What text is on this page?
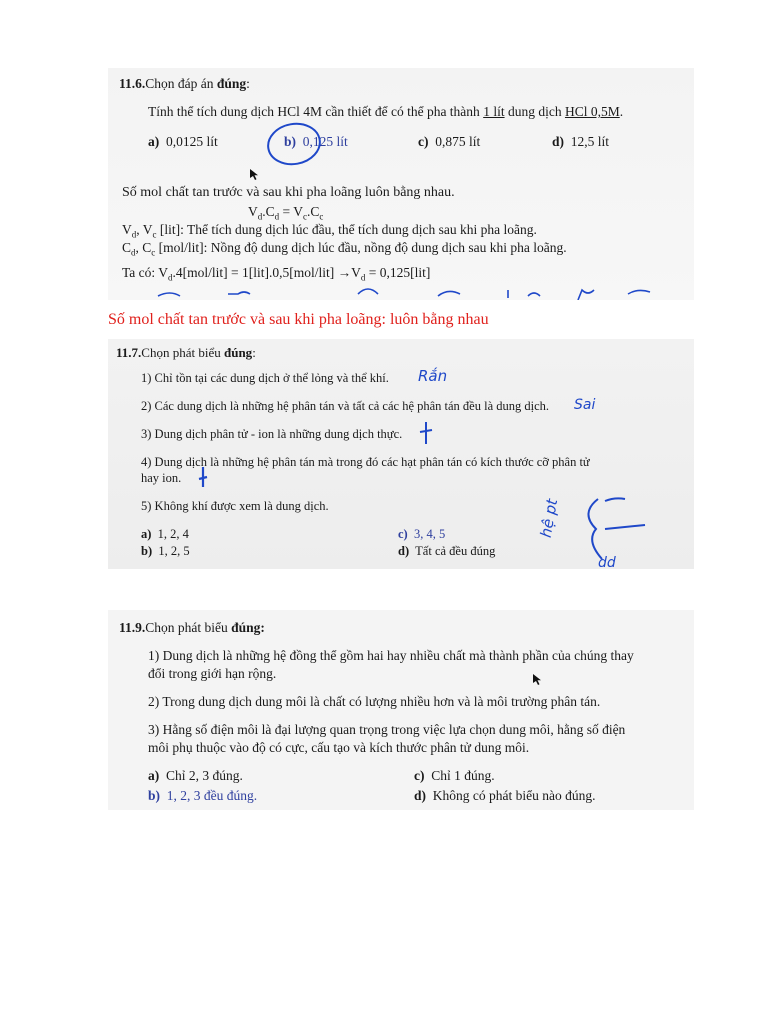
11.6.Chọn đáp án đúng:
Tính thể tích dung dịch HCl 4M cần thiết để có thể pha thành 1 lít dung dịch HCl 0,5M.
a) 0,0125 lít	b) 0,125 lít	c) 0,875 lít	d) 12,5 lít
Số mol chất tan trước và sau khi pha loãng luôn bằng nhau.
$V_d.C_d = V_c.C_c$
$V_d$, $V_c$ [lit]: Thể tích dung dịch lúc đầu, thể tích dung dịch sau khi pha loãng.
$C_d$, $C_c$ [mol/lit]: Nồng độ dung dịch lúc đầu, nồng độ dung dịch sau khi pha loãng.
Ta có: $V_d.4[mol/lit] = 1[lit].0,5[mol/lit] \to V_d = 0,125[lit]$
Số mol chất tan trước và sau khi pha loãng: luôn bằng nhau
11.7.Chọn phát biểu đúng:
1) Chỉ tồn tại các dung dịch ở thể lỏng và thể khí.
2) Các dung dịch là những hệ phân tán và tất cả các hệ phân tán đều là dung dịch.
3) Dung dịch phân tử - ion là những dung dịch thực.
4) Dung dịch là những hệ phân tán mà trong đó các hạt phân tán có kích thước cỡ phân tử
hay ion.
5) Không khí được xem là dung dịch.
a) 1, 2, 4	c) 3, 4, 5
b) 1, 2, 5	d) Tất cả đều đúng
Rắn
Sai
hệ pt
dd
11.9.Chọn phát biểu đúng:
1) Dung dịch là những hệ đồng thể gồm hai hay nhiều chất mà thành phần của chúng thay
đổi trong giới hạn rộng.
2) Trong dung dịch dung môi là chất có lượng nhiều hơn và là môi trường phân tán.
3) Hằng số điện môi là đại lượng quan trọng trong việc lựa chọn dung môi, hằng số điện
môi phụ thuộc vào độ có cực, cấu tạo và kích thước phân tử dung môi.
a) Chỉ 2, 3 đúng.	c) Chỉ 1 đúng.
b) 1, 2, 3 đều đúng.	d) Không có phát biểu nào đúng.
